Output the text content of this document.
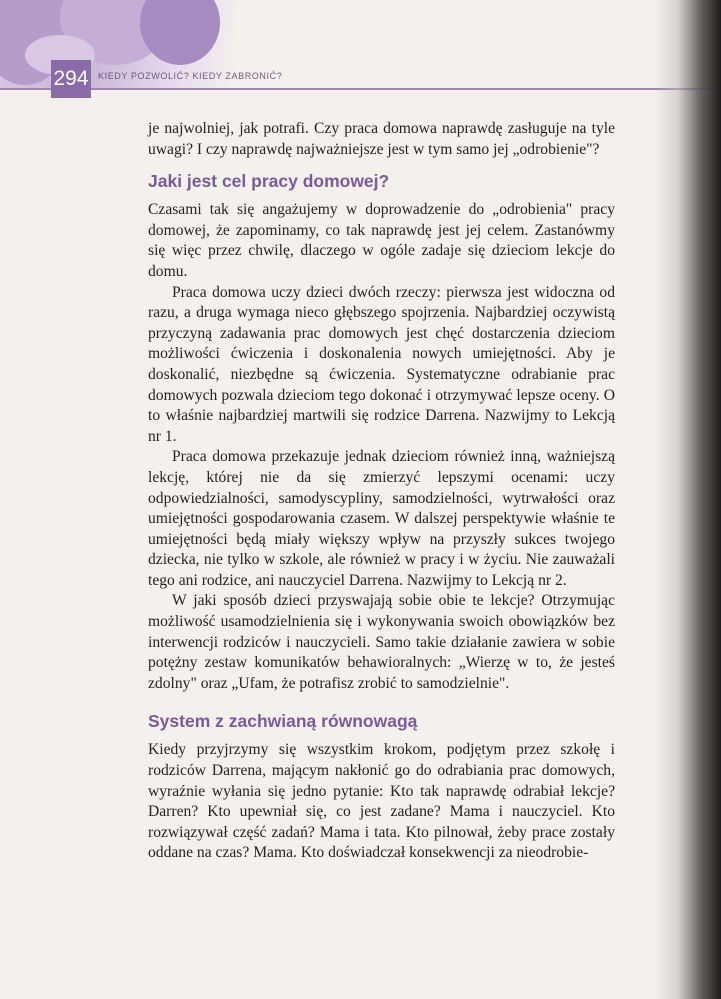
294 KIEDY POZWOLIĆ? KIEDY ZABRONIĆ?

je najwolniej, jak potrafi. Czy praca domowa naprawdę zasługuje na tyle uwagi? I czy naprawdę najważniejsze jest w tym samo jej „odrobienie"?

Jaki jest cel pracy domowej?

Czasami tak się angażujemy w doprowadzenie do „odrobienia" pracy domowej, że zapominamy, co tak naprawdę jest jej celem. Zastanówmy się więc przez chwilę, dlaczego w ogóle zadaje się dzieciom lekcje do domu.

Praca domowa uczy dzieci dwóch rzeczy: pierwsza jest widoczna od razu, a druga wymaga nieco głębszego spojrzenia. Najbardziej oczywistą przyczyną zadawania prac domowych jest chęć dostarczenia dzieciom możliwości ćwiczenia i doskonalenia nowych umiejętności. Aby je doskonalić, niezbędne są ćwiczenia. Systematyczne odrabianie prac domowych pozwala dzieciom tego dokonać i otrzymywać lepsze oceny. O to właśnie najbardziej martwili się rodzice Darrena. Nazwijmy to Lekcją nr 1.

Praca domowa przekazuje jednak dzieciom również inną, ważniejszą lekcję, której nie da się zmierzyć lepszymi ocenami: uczy odpowiedzialności, samodyscypliny, samodzielności, wytrwałości oraz umiejętności gospodarowania czasem. W dalszej perspektywie właśnie te umiejętności będą miały większy wpływ na przyszły sukces twojego dziecka, nie tylko w szkole, ale również w pracy i w życiu. Nie zauważali tego ani rodzice, ani nauczyciel Darrena. Nazwijmy to Lekcją nr 2.

W jaki sposób dzieci przyswajają sobie obie te lekcje? Otrzymując możliwość usamodzielnienia się i wykonywania swoich obowiązków bez interwencji rodziców i nauczycieli. Samo takie działanie zawiera w sobie potężny zestaw komunikatów behawioralnych: „Wierzę w to, że jesteś zdolny" oraz „Ufam, że potrafisz zrobić to samodzielnie".

System z zachwianą równowagą

Kiedy przyjrzymy się wszystkim krokom, podjętym przez szkołę i rodziców Darrena, mającym nakłonić go do odrabiania prac domowych, wyraźnie wyłania się jedno pytanie: Kto tak naprawdę odrabiał lekcje? Darren? Kto upewniał się, co jest zadane? Mama i nauczyciel. Kto rozwiązywał część zadań? Mama i tata. Kto pilnował, żeby prace zostały oddane na czas? Mama. Kto doświadczał konsekwencji za nieodrobie-
